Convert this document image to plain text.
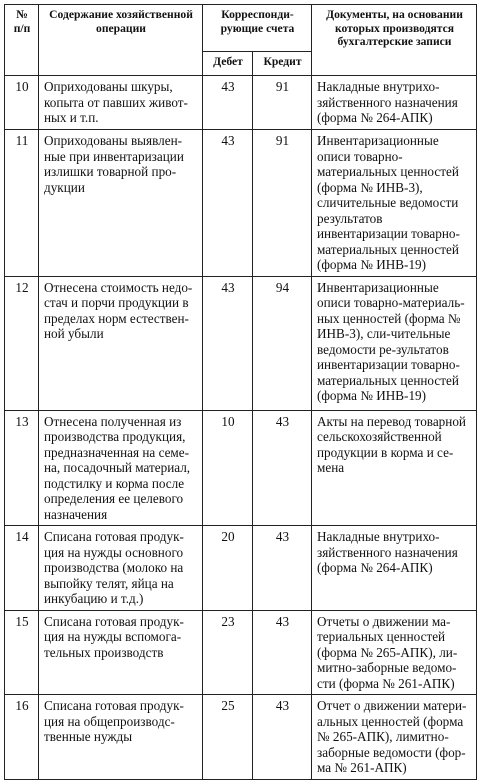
№ п/п	Содержание хозяйственной операции	Корреспонди-рующие счета		Документы, на основании которых производятся бухгалтерские записи
		Дебет	Кредит	
10	Оприходованы шкуры, копыта от павших живот-ных и т.п.	43	91	Накладные внутрихо-зяйственного назначения (форма № 264-АПК)
11	Оприходованы выявлен-ные при инвентаризации излишки товарной про-дукции	43	91	Инвентаризационные описи товарно-материальных ценностей (форма № ИНВ-3), сличительные ведомости результатов инвентаризации товарно-материальных ценностей (форма № ИНВ-19)
12	Отнесена стоимость недо-стач и порчи продукции в пределах норм естествен-ной убыли	43	94	Инвентаризационные описи товарно-материаль-ных ценностей (форма № ИНВ-3), сли-чительные ведомости ре-зультатов инвентаризации товарно-материальных ценностей (форма № ИНВ-19)
13	Отнесена полученная из производства продукция, предназначенная на семе-на, посадочный материал, подстилку и корма после определения ее целевого назначения	10	43	Акты на перевод товарной сельскохозяйственной продукции в корма и се-мена
14	Списана готовая продук-ция на нужды основного производства (молоко на выпойку телят, яйца на инкубацию и т.д.)	20	43	Накладные внутрихо-зяйственного назначения (форма № 264-АПК)
15	Списана готовая продук-ция на нужды вспомога-тельных производств	23	43	Отчеты о движении ма-териальных ценностей (форма № 265-АПК), ли-митно-заборные ведомо-сти (форма № 261-АПК)
16	Списана готовая продук-ция на общепроизводс-твенные нужды	25	43	Отчет о движении матери-альных ценностей (форма № 265-АПК), лимитно-заборные ведомости (фор-ма № 261-АПК)
